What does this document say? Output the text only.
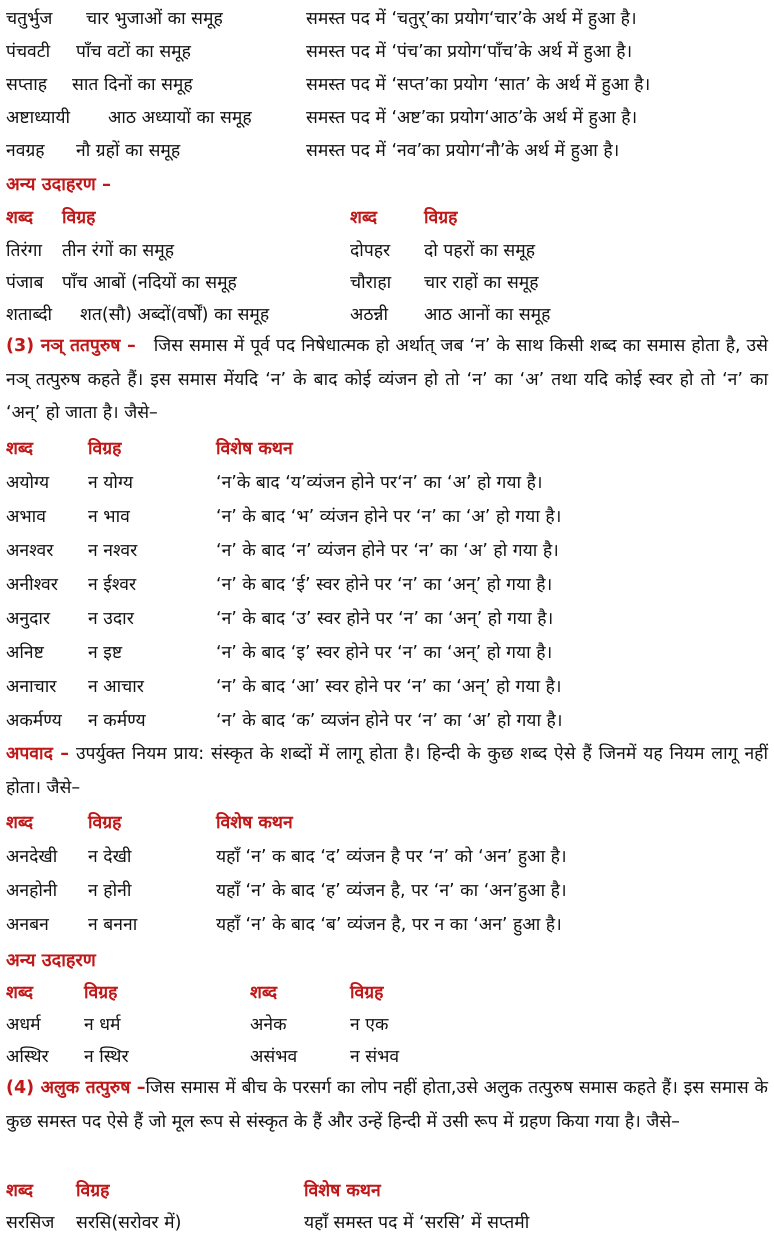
चतुर्भुज चार भुजाओं का समूह	समस्त पद में ‘चतुर्’का प्रयोग‘चार’के अर्थ में हुआ है।
पंचवटी पाँच वटों का समूह	समस्त पद में ‘पंच’का प्रयोग‘पाँच’के अर्थ में हुआ है।
सप्ताह सात दिनों का समूह	समस्त पद में ‘सप्त’का प्रयोग ‘सात’ के अर्थ में हुआ है।
अष्टाध्यायी आठ अध्यायों का समूह	समस्त पद में ‘अष्ट’का प्रयोग‘आठ’के अर्थ में हुआ है।
नवग्रह नौ ग्रहों का समूह	समस्त पद में ‘नव’का प्रयोग‘नौ’के अर्थ में हुआ है।
अन्य उदाहरण –
शब्द विग्रह	शब्द	विग्रह
तिरंगा तीन रंगों का समूह	दोपहर दो पहरों का समूह
पंजाब पाँच आबों (नदियों का समूह	चौराहा चार राहों का समूह
शताब्दी शत(सौ) अब्दों(वर्षों) का समूह	अठन्नी आठ आनों का समूह
(3) नञ् ततपुरुष – जिस समास में पूर्व पद निषेधात्मक हो अर्थात् जब ‘न’ के साथ किसी शब्द का समास होता है, उसे नञ् तत्पुरुष कहते हैं। इस समास मेंयदि ‘न’ के बाद कोई व्यंजन हो तो ‘न’ का ‘अ’ तथा यदि कोई स्वर हो तो ‘न’ का ‘अन्’ हो जाता है। जैसे–
शब्द	विग्रह	विशेष कथन
अयोग्य न योग्य	‘न’के बाद ‘य’व्यंजन होने पर‘न’ का ‘अ’ हो गया है।
अभाव न भाव	‘न’ के बाद ‘भ’ व्यंजन होने पर ‘न’ का ‘अ’ हो गया है।
अनश्वर न नश्वर	‘न’ के बाद ‘न’ व्यंजन होने पर ‘न’ का ‘अ’ हो गया है।
अनीश्वर न ईश्वर	‘न’ के बाद ‘ई’ स्वर होने पर ‘न’ का ‘अन्’ हो गया है।
अनुदार न उदार	‘न’ के बाद ‘उ’ स्वर होने पर ‘न’ का ‘अन्’ हो गया है।
अनिष्ट	न इष्ट	‘न’ के बाद ‘इ’ स्वर होने पर ‘न’ का ‘अन्’ हो गया है।
अनाचार न आचार	‘न’ के बाद ‘आ’ स्वर होने पर ‘न’ का ‘अन्’ हो गया है।
अकर्मण्य न कर्मण्य	‘न’ के बाद ‘क’ व्यजंन होने पर ‘न’ का ‘अ’ हो गया है।
अपवाद – उपर्युक्त नियम प्राय: संस्कृत के शब्दों में लागू होता है। हिन्दी के कुछ शब्द ऐसे हैं जिनमें यह नियम लागू नहीं होता। जैसे–
शब्द	विग्रह	विशेष कथन
अनदेखी न देखी	यहाँ ‘न’ क बाद ‘द’ व्यंजन है पर ‘न’ को ‘अन’ हुआ है।
अनहोनी न होनी	यहाँ ‘न’ के बाद ‘ह’ व्यंजन है, पर ‘न’ का ‘अन’हुआ है।
अनबन न बनना	यहाँ ‘न’ के बाद ‘ब’ व्यंजन है, पर न का ‘अन’ हुआ है।
अन्य उदाहरण
शब्द	विग्रह	शब्द	विग्रह
अधर्म न धर्म	अनेक	न एक
अस्थिर न स्थिर	असंभव	न संभव
(4) अलुक तत्पुरुष –जिस समास में बीच के परसर्ग का लोप नहीं होता,उसे अलुक तत्पुरुष समास कहते हैं। इस समास के कुछ समस्त पद ऐसे हैं जो मूल रूप से संस्कृत के हैं और उन्हें हिन्दी में उसी रूप में ग्रहण किया गया है। जैसे–
शब्द विग्रह	विशेष कथन
सरसिज सरसि(सरोवर में)	यहाँ समस्त पद में ‘सरसि’ में सप्तमी
